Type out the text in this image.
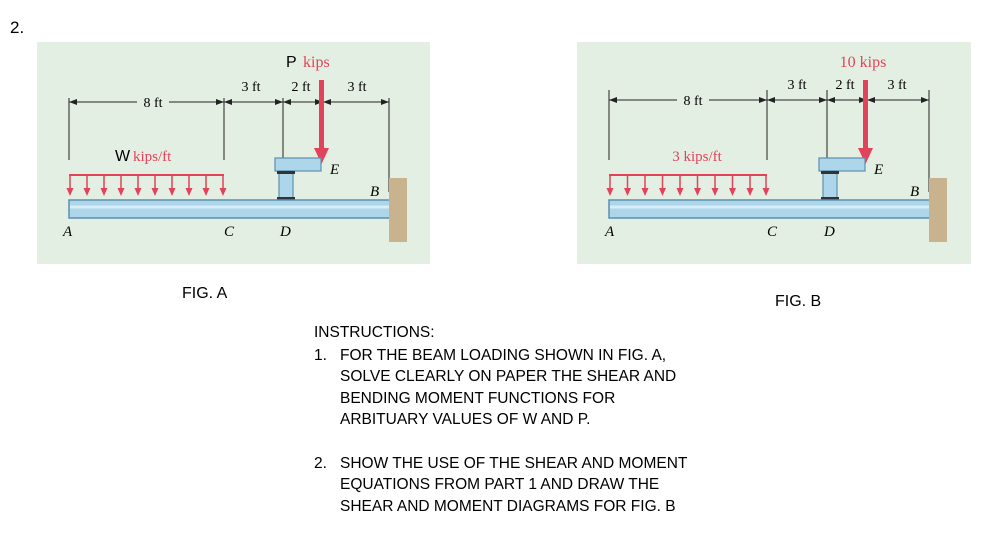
2.
8 ft
3 ft 2 ft	3 ft
P kips
W kips/ft
E
B
A	C	D
FIG. A
8 ft
3 ft 2 ft 3 ft
10 kips
3 kips/ft
E
B
A	C	D
FIG. B
INSTRUCTIONS:
1. FOR THE BEAM LOADING SHOWN IN FIG. A,
SOLVE CLEARLY ON PAPER THE SHEAR AND
BENDING MOMENT FUNCTIONS FOR
ARBITUARY VALUES OF W AND P.
2. SHOW THE USE OF THE SHEAR AND MOMENT
EQUATIONS FROM PART 1 AND DRAW THE
SHEAR AND MOMENT DIAGRAMS FOR FIG. B
